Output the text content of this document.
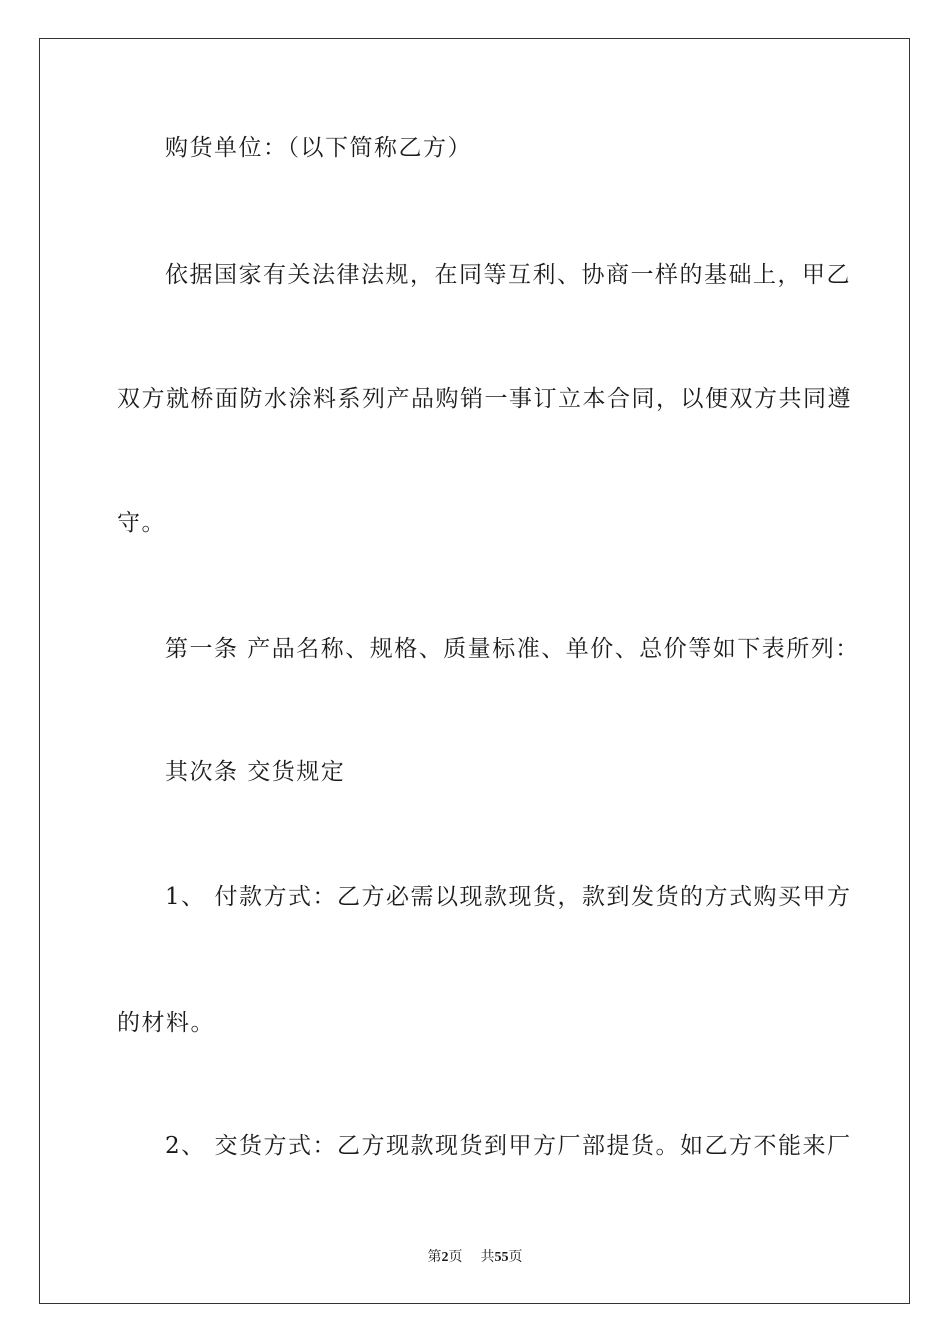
购货单位：（以下简称乙方）

依据国家有关法律法规，在同等互利、协商一样的基础上，甲乙

双方就桥面防水涂料系列产品购销一事订立本合同，以便双方共同遵

守。

第一条 产品名称、规格、质量标准、单价、总价等如下表所列：

其次条 交货规定

1、 付款方式：乙方必需以现款现货，款到发货的方式购买甲方

的材料。

2、 交货方式：乙方现款现货到甲方厂部提货。如乙方不能来厂

第2页 共55页
